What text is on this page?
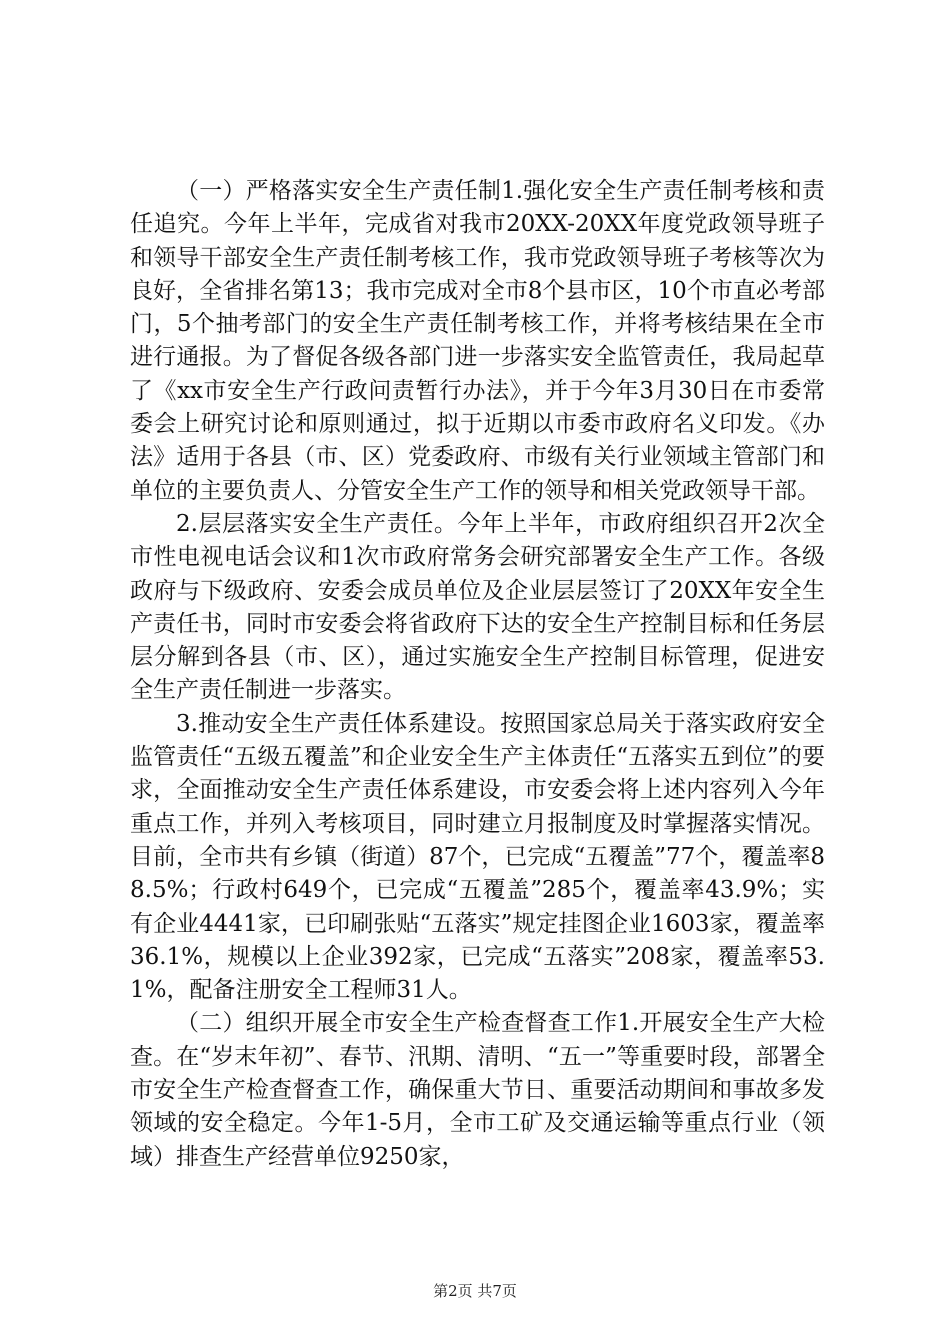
（一）严格落实安全生产责任制1.强化安全生产责任制考核和责任追究。今年上半年，完成省对我市20XX-20XX年度党政领导班子和领导干部安全生产责任制考核工作，我市党政领导班子考核等次为良好，全省排名第13；我市完成对全市8个县市区，10个市直必考部门，5个抽考部门的安全生产责任制考核工作，并将考核结果在全市进行通报。为了督促各级各部门进一步落实安全监管责任，我局起草了《xx市安全生产行政问责暂行办法》，并于今年3月30日在市委常委会上研究讨论和原则通过，拟于近期以市委市政府名义印发。《办法》适用于各县（市、区）党委政府、市级有关行业领域主管部门和单位的主要负责人、分管安全生产工作的领导和相关党政领导干部。

2.层层落实安全生产责任。今年上半年，市政府组织召开2次全市性电视电话会议和1次市政府常务会研究部署安全生产工作。各级政府与下级政府、安委会成员单位及企业层层签订了20XX年安全生产责任书，同时市安委会将省政府下达的安全生产控制目标和任务层层分解到各县（市、区），通过实施安全生产控制目标管理，促进安全生产责任制进一步落实。

3.推动安全生产责任体系建设。按照国家总局关于落实政府安全监管责任“五级五覆盖”和企业安全生产主体责任“五落实五到位”的要求，全面推动安全生产责任体系建设，市安委会将上述内容列入今年重点工作，并列入考核项目，同时建立月报制度及时掌握落实情况。目前，全市共有乡镇（街道）87个，已完成“五覆盖”77个，覆盖率88.5%；行政村649个，已完成“五覆盖”285个，覆盖率43.9%；实有企业4441家，已印刷张贴“五落实”规定挂图企业1603家，覆盖率36.1%，规模以上企业392家，已完成“五落实”208家，覆盖率53.1%，配备注册安全工程师31人。

（二）组织开展全市安全生产检查督查工作1.开展安全生产大检查。在“岁末年初”、春节、汛期、清明、“五一”等重要时段，部署全市安全生产检查督查工作，确保重大节日、重要活动期间和事故多发领域的安全稳定。今年1-5月，全市工矿及交通运输等重点行业（领域）排查生产经营单位9250家，

第2页 共7页
